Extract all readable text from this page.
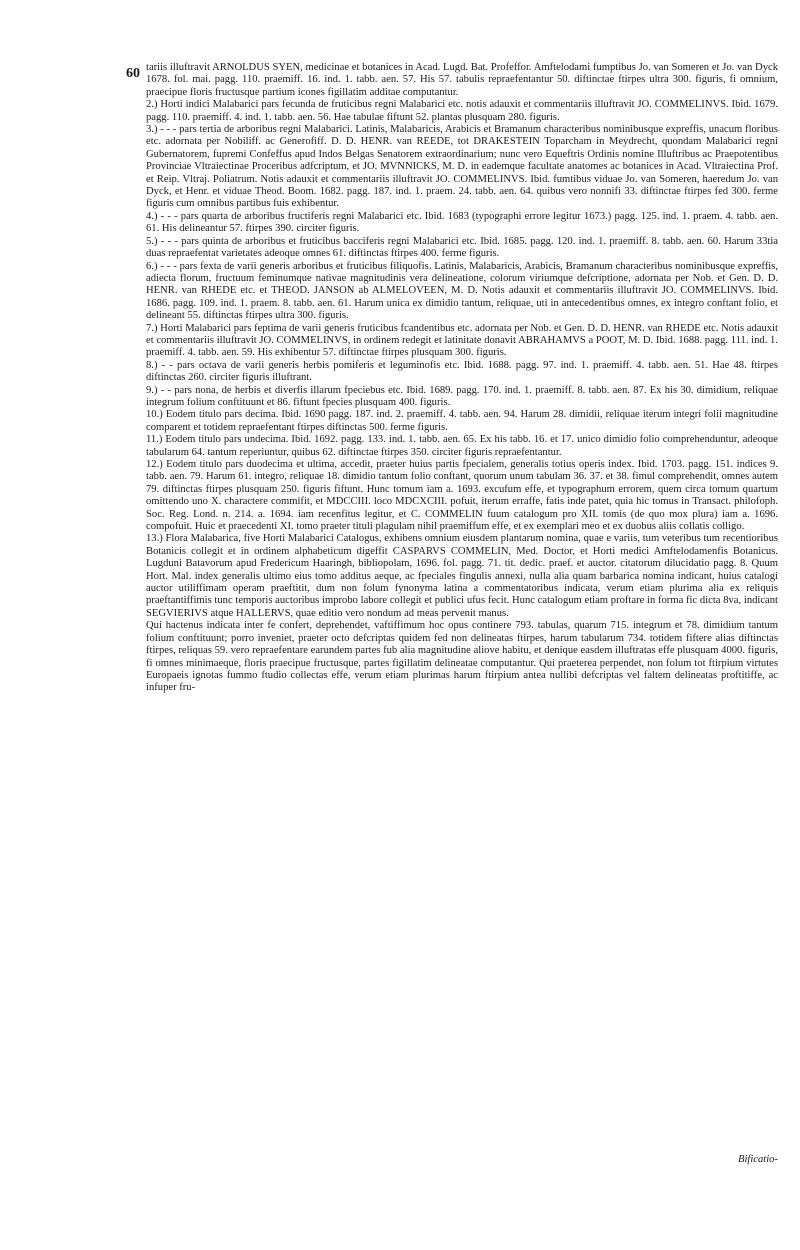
60 tariis illuftravit ARNOLDUS SYEN, medicinae et botanices in Acad. Lugd. Bat. Profeffor. Amftelodami fumptibus Jo. van Someren et Jo. van Dyck 1678. fol. mai. pagg. 110. praemiff. 16. ind. 1. tabb. aen. 57. His 57. tabulis repraefentantur 50. diftinctae ftirpes ultra 300. figuris, fi omnium, praecipue floris fructusque partium icones figillatim additae computantur.

2.) Horti indici Malabarici pars fecunda de fruticibus regni Malabarici etc. notis adauxit et commentariis illuftravit JO. COMMELINVS. Ibid. 1679. pagg. 110. praemiff. 4. ind. 1. tabb. aen. 56. Hae tabulae fiftunt 52. plantas plusquam 280. figuris.

3.) - - - pars tertia de arboribus regni Malabarici. Latinis, Malabaricis, Arabicis et Bramanum characteribus nominibusque expreffis, unacum floribus etc. adornata per Nobiliff. ac Generofiff. D. D. HENR. van REEDE, tot DRAKESTEIN Toparcham in Meydrecht, quondam Malabarici regni Gubernatorem, fupremi Confeffus apud Indos Belgas Senatorem extraordinarium; nunc vero Equeftris Ordinis nomine Illuftribus ac Praepotentibus Provinciae Vltraiectinae Proceribus adfcriptum, et JO. MVNNICKS, M. D. in eademque facultate anatomes ac botanices in Acad. Vltraiectina Prof. et Reip. Vltraj. Poliatrum. Notis adauxit et commentariis illuftravit JO. COMMELINVS. Ibid. fumtibus viduae Jo. van Someren, haeredum Jo. van Dyck, et Henr. et viduae Theod. Boom. 1682. pagg. 187. ind. 1. praem. 24. tabb. aen. 64. quibus vero nonnifi 33. diftinctae ftirpes fed 300. ferme figuris cum omnibus partibus fuis exhibentur.

4.) - - - pars quarta de arboribus fructiferis regni Malabarici etc. Ibid. 1683 (typographi errore legitur 1673.) pagg. 125. ind. 1. praem. 4. tabb. aen. 61. His delineantur 57. ftirpes 390. circiter figuris.

5.) - - - pars quinta de arboribus et fruticibus bacciferis regni Malabarici etc. Ibid. 1685. pagg. 120. ind. 1. praemiff. 8. tabb. aen. 60. Harum 33tia duas repraefentat varietates adeoque omnes 61. diftinctas ftirpes 400. ferme figuris.

6.) - - - pars fexta de varii generis arboribus et fruticibus filiquofis. Latinis, Malabaricis, Arabicis, Bramanum characteribus nominibusque expreffis, adiecta florum, fructuum feminumque nativae magnitudinis vera delineatione, colorum viriumque defcriptione, adornata per Nob. et Gen. D. D. HENR. van RHEDE etc. et THEOD. JANSON ab ALMELOVEEN, M. D. Notis adauxit et commentariis illuftravit JO. COMMELINVS. Ibid. 1686. pagg. 109. ind. 1. praem. 8. tabb. aen. 61. Harum unica ex dimidio tantum, reliquae, uti in antecedentibus omnes, ex integro conftant folio, et delineant 55. diftinctas ftirpes ultra 300. figuris.

7.) Horti Malabarici pars feptima de varii generis fruticibus fcandentibus etc. adornata per Nob. et Gen. D. D. HENR. van RHEDE etc. Notis adauxit et commentariis illuftravit JO. COMMELINVS, in ordinem redegit et latinitate donavit ABRAHAMVS a POOT, M. D. Ibid. 1688. pagg. 111. ind. 1. praemiff. 4. tabb. aen. 59. His exhibentur 57. diftinctae ftirpes plusquam 300. figuris.

8.) - - pars octava de varii generis herbis pomiferis et leguminofis etc. Ibid. 1688. pagg. 97. ind. 1. praemiff. 4. tabb. aen. 51. Hae 48. ftirpes diftinctas 260. circiter figuris illuftrant.

9.) - - pars nona, de herbis et diverfis illarum fpeciebus etc. Ibid. 1689. pagg. 170. ind. 1. praemiff. 8. tabb. aen. 87. Ex his 30. dimidium, reliquae integrum folium conftituunt et 86. fiftunt fpecies plusquam 400. figuris.

10.) Eodem titulo pars decima. Ibid. 1690 pagg. 187. ind. 2. praemiff. 4. tabb. aen. 94. Harum 28. dimidii, reliquae iterum integri folii magnitudine comparent et totidem repraefentant ftirpes diftinctas 500. ferme figuris.

11.) Eodem titulo pars undecima. Ibid. 1692. pagg. 133. ind. 1. tabb. aen. 65. Ex his tabb. 16. et 17. unico dimidio folio comprehenduntur, adeoque tabularum 64. tantum reperiuntur, quibus 62. diftinctae ftirpes 350. circiter figuris repraefentantur.

12.) Eodem titulo pars duodecima et ultima, accedit, praeter huius partis fpecialem, generalis totius operis index. Ibid. 1703. pagg. 151. indices 9. tabb. aen. 79. Harum 61. integro, reliquae 18. dimidio tantum folio conftant, quorum unum tabulam 36. 37. et 38. fimul comprehendit, omnes autem 79. diftinctas ftirpes plusquam 250. figuris fiftunt. Hunc tomum iam a. 1693. excufum effe, et typographum errorem, quem circa tomum quartum omittendo uno X. charactere commifit, et MDCCIII. loco MDCXCIII. pofuit, iterum erraffe, fatis inde patet, quia hic tomus in Transact. philofoph. Soc. Reg. Lond. n. 214. a. 1694. iam recenfitus legitur, et C. COMMELIN fuum catalogum pro XII. tomis (de quo mox plura) iam a. 1696. compofuit. Huic et praecedenti XI. tomo praeter tituli plagulam nihil praemiffum effe, et ex exemplari meo et ex duobus aliis collatis colligo.

13.) Flora Malabarica, five Horti Malabarici Catalogus, exhibens omnium eiusdem plantarum nomina, quae e variis, tum veteribus tum recentioribus Botanicis collegit et in ordinem alphabeticum digeffit CASPARVS COMMELIN, Med. Doctor, et Horti medici Amftelodamenfis Botanicus. Lugduni Batavorum apud Fredericum Haaringh, bibliopolam, 1696. fol. pagg. 71. tit. dedic. praef. et auctor. citatorum dilucidatio pagg. 8. Quum Hort. Mal. index generalis ultimo eius tomo additus aeque, ac fpeciales fingulis annexi, nulla alia quam barbarica nomina indicant, huius catalogi auctor utiliffimam operam praeftitit, dum non folum fynonyma latina a commentatoribus indicata, verum etiam plurima alia ex reliquis praeftantiffimis tunc temporis auctoribus improbo labore collegit et publici ufus fecit. Hunc catalogum etiam proftare in forma fic dicta 8va, indicant SEGVIERIVS atque HALLERVS, quae editio vero nondum ad meas pervenit manus.

Qui hactenus indicata inter fe confert, deprehendet, vaftiffimum hoc opus continere 793. tabulas, quarum 715. integrum et 78. dimidium tantum folium conftituunt; porro inveniet, praeter octo defcriptas quidem fed non delineatas ftirpes, harum tabularum 734. totidem fiftere alias diftinctas ftirpes, reliquas 59. vero repraefentare earundem partes fub alia magnitudine aliove habitu, et denique easdem illuftratas effe plusquam 4000. figuris, fi omnes minimaeque, floris praecipue fructusque, partes figillatim delineatae computantur. Qui praeterea perpendet, non folum tot ftirpium virtutes Europaeis ignotas fummo ftudio collectas effe, verum etiam plurimas harum ftirpium antea nullibi defcriptas vel faltem delineatas proftitiffe, ac infuper fru-

Bificatio-
